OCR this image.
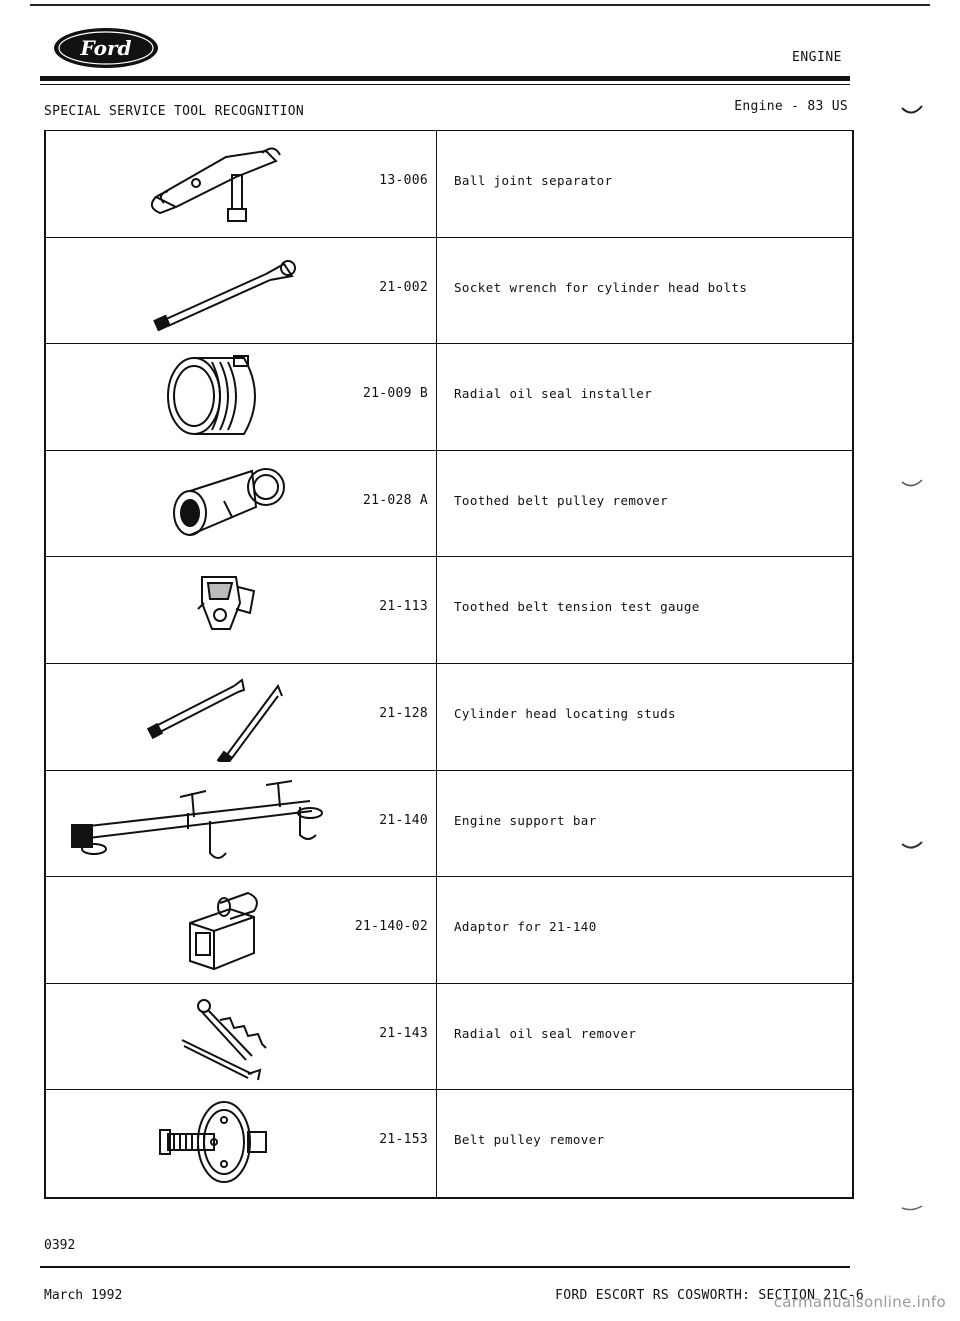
Ford	ENGINE
SPECIAL SERVICE TOOL RECOGNITION	Engine - 83 US
13-006 Ball joint separator
21-002 Socket wrench for cylinder head bolts
21-009 B Radial oil seal installer
21-028 A Toothed belt pulley remover
21-113 Toothed belt tension test gauge
21-128 Cylinder head locating studs
21-140 Engine support bar
21-140-02 Adaptor for 21-140
21-143 Radial oil seal remover
21-153 Belt pulley remover
0392
March 1992	FORD ESCORT RS COSWORTH: SECTION 21C-6
carmanualsonline.info
